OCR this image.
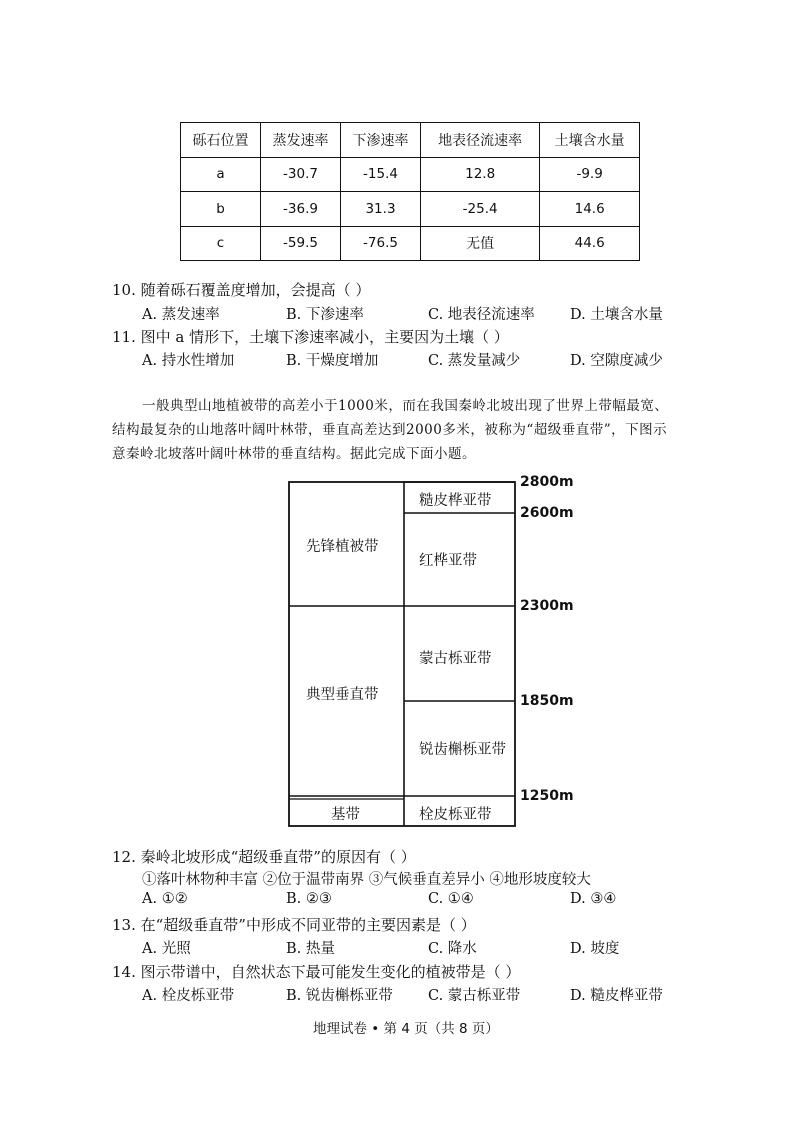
砾石位置	蒸发速率	下渗速率	地表径流速率	土壤含水量
a	-30.7	-15.4	12.8	-9.9
b	-36.9	31.3	-25.4	14.6
c	-59.5	-76.5	无值	44.6
10. 随着砾石覆盖度增加，会提高（ ）
A. 蒸发速率	B. 下渗速率	C. 地表径流速率 D. 土壤含水量
11. 图中 a 情形下，土壤下渗速率减小，主要因为土壤（ ）
A. 持水性增加	B. 干燥度增加	C. 蒸发量减少	D. 空隙度减少
一般典型山地植被带的高差小于1000米，而在我国秦岭北坡出现了世界上带幅最宽、
结构最复杂的山地落叶阔叶林带，垂直高差达到2000多米，被称为“超级垂直带”，下图示
意秦岭北坡落叶阔叶林带的垂直结构。据此完成下面小题。
先锋植被带
典型垂直带
基带
糙皮桦亚带
红桦亚带
蒙古栎亚带
锐齿槲栎亚带
栓皮栎亚带
2800m
2600m
2300m
1850m
1250m
12. 秦岭北坡形成“超级垂直带”的原因有（ ）
①落叶林物种丰富 ②位于温带南界 ③气候垂直差异小 ④地形坡度较大
A. ①②	B. ②③	C. ①④	D. ③④
13. 在“超级垂直带”中形成不同亚带的主要因素是（ ）
A. 光照	B. 热量	C. 降水	D. 坡度
14. 图示带谱中，自然状态下最可能发生变化的植被带是（ ）
A. 栓皮栎亚带	B. 锐齿槲栎亚带 C. 蒙古栎亚带	D. 糙皮桦亚带
地理试卷 • 第 4 页（共 8 页）
